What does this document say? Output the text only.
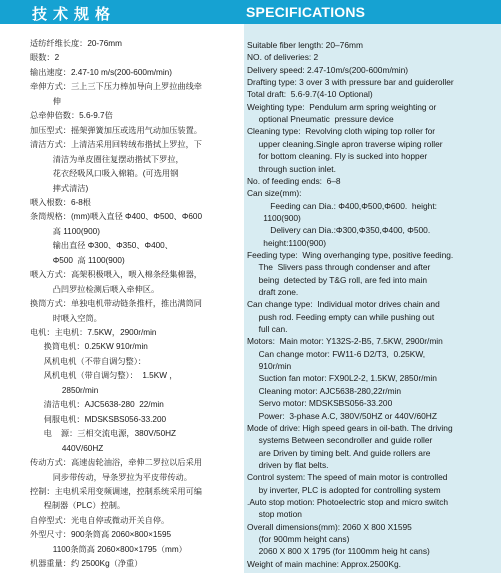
技术规格	SPECIFICATIONS
适纺纤维长度：20-76mm
眼数：2
输出速度：2.47-10 m/s(200-600m/min)
牵伸方式：三上三下压力棒加导向上罗拉曲线牵
伸
总牵伸倍数：5.6-9.7倍
加压型式：摇架弹簧加压或选用气动加压装置。
清洁方式：上清洁采用回转绒布揩拭上罗拉，下
清洁为单皮圈往复摆动揩拭下罗拉，
花衣经吸风口吸入棉箱。(可选用钢
摔式清洁)
喂入根数：6-8根
条筒规格：(mm)喂入直径 Φ400、Φ500、Φ600
高 1100(900)
输出直径 Φ300、Φ350、Φ400、
Φ500  高 1100(900)
喂入方式：高架积极喂入，喂入棉条经集棉器，
凸凹罗拉检测后喂入牵伸区。
换筒方式：单独电机带动链条推杆，推出满筒同
时喂入空筒。
电机：主电机：7.5KW，2900r/min
换筒电机：0.25KW 910r/min
风机电机（不带自调匀整）：
风机电机（带自调匀整）：  1.5KW ，
2850r/min
清洁电机：AJC5638-280  22/min
伺服电机：MDSKSBS056-33.200
电    源：三相交流电源，380V/50HZ
440V/60HZ
传动方式：高速齿轮油浴，牵伸二罗拉以后采用
同步带传动，导条罗拉为平皮带传动。
控制：主电机采用变频调速，控制系统采用可编
程制器（PLC）控制。
自停型式：光电自停或微动开关自停。
外型尺寸：900条筒高 2060×800×1595
1100条筒高 2060×800×1795（mm）
机器重量：约 2500Kg（净重）
Suitable fiber length: 20–76mm
NO. of deliveries: 2
Delivery speed: 2.47-10m/s(200-600m/min)
Drafting type: 3 over 3 with pressure bar and guideroller
Total draft:  5.6-9.7(4-10 Optional)
Weighting type:  Pendulum arm spring weighting or
optional Pneumatic  pressure device
Cleaning type:  Revolving cloth wiping top roller for
upper cleaning.Single apron traverse wiping roller
for bottom cleaning. Fly is sucked into hopper
through suction inlet.
No. of feeding ends:  6–8
Can size(mm):
Feeding can Dia.: Φ400,Φ500,Φ600.  height:
1100(900)
Delivery can Dia.:Φ300,Φ350,Φ400, Φ500.
height:1100(900)
Feeding type:  Wing overhanging type, positive feeding.
The  Slivers pass through condenser and after
being  detected by T&G roll, are fed into main
draft zone.
Can change type:  Individual motor drives chain and
push rod. Feeding empty can while pushing out
full can.
Motors:  Main motor: Y132S-2-B5, 7.5KW, 2900r/min
Can change motor: FW11-6 D2/T3,  0.25KW,
910r/min
Suction fan motor: FX90L2-2, 1.5KW, 2850r/min
Cleaning motor: AJC5638-280,22r/min
Servo motor: MDSKSBS056-33.200
Power:  3-phase A.C, 380V/50HZ or 440V/60HZ
Mode of drive: High speed gears in oil-bath. The driving
systems Between secondroller and guide roller
are Driven by timing belt. And guide rollers are
driven by flat belts.
Control system: The speed of main motor is controlled
by inverter, PLC is adopted for controlling system
.Auto stop motion: Photoelectric stop and micro switch
stop motion
Overall dimensions(mm): 2060 X 800 X1595
(for 900mm height cans)
2060 X 800 X 1795 (for 1100mm heig ht cans)
Weight of main machine: Approx.2500Kg.
